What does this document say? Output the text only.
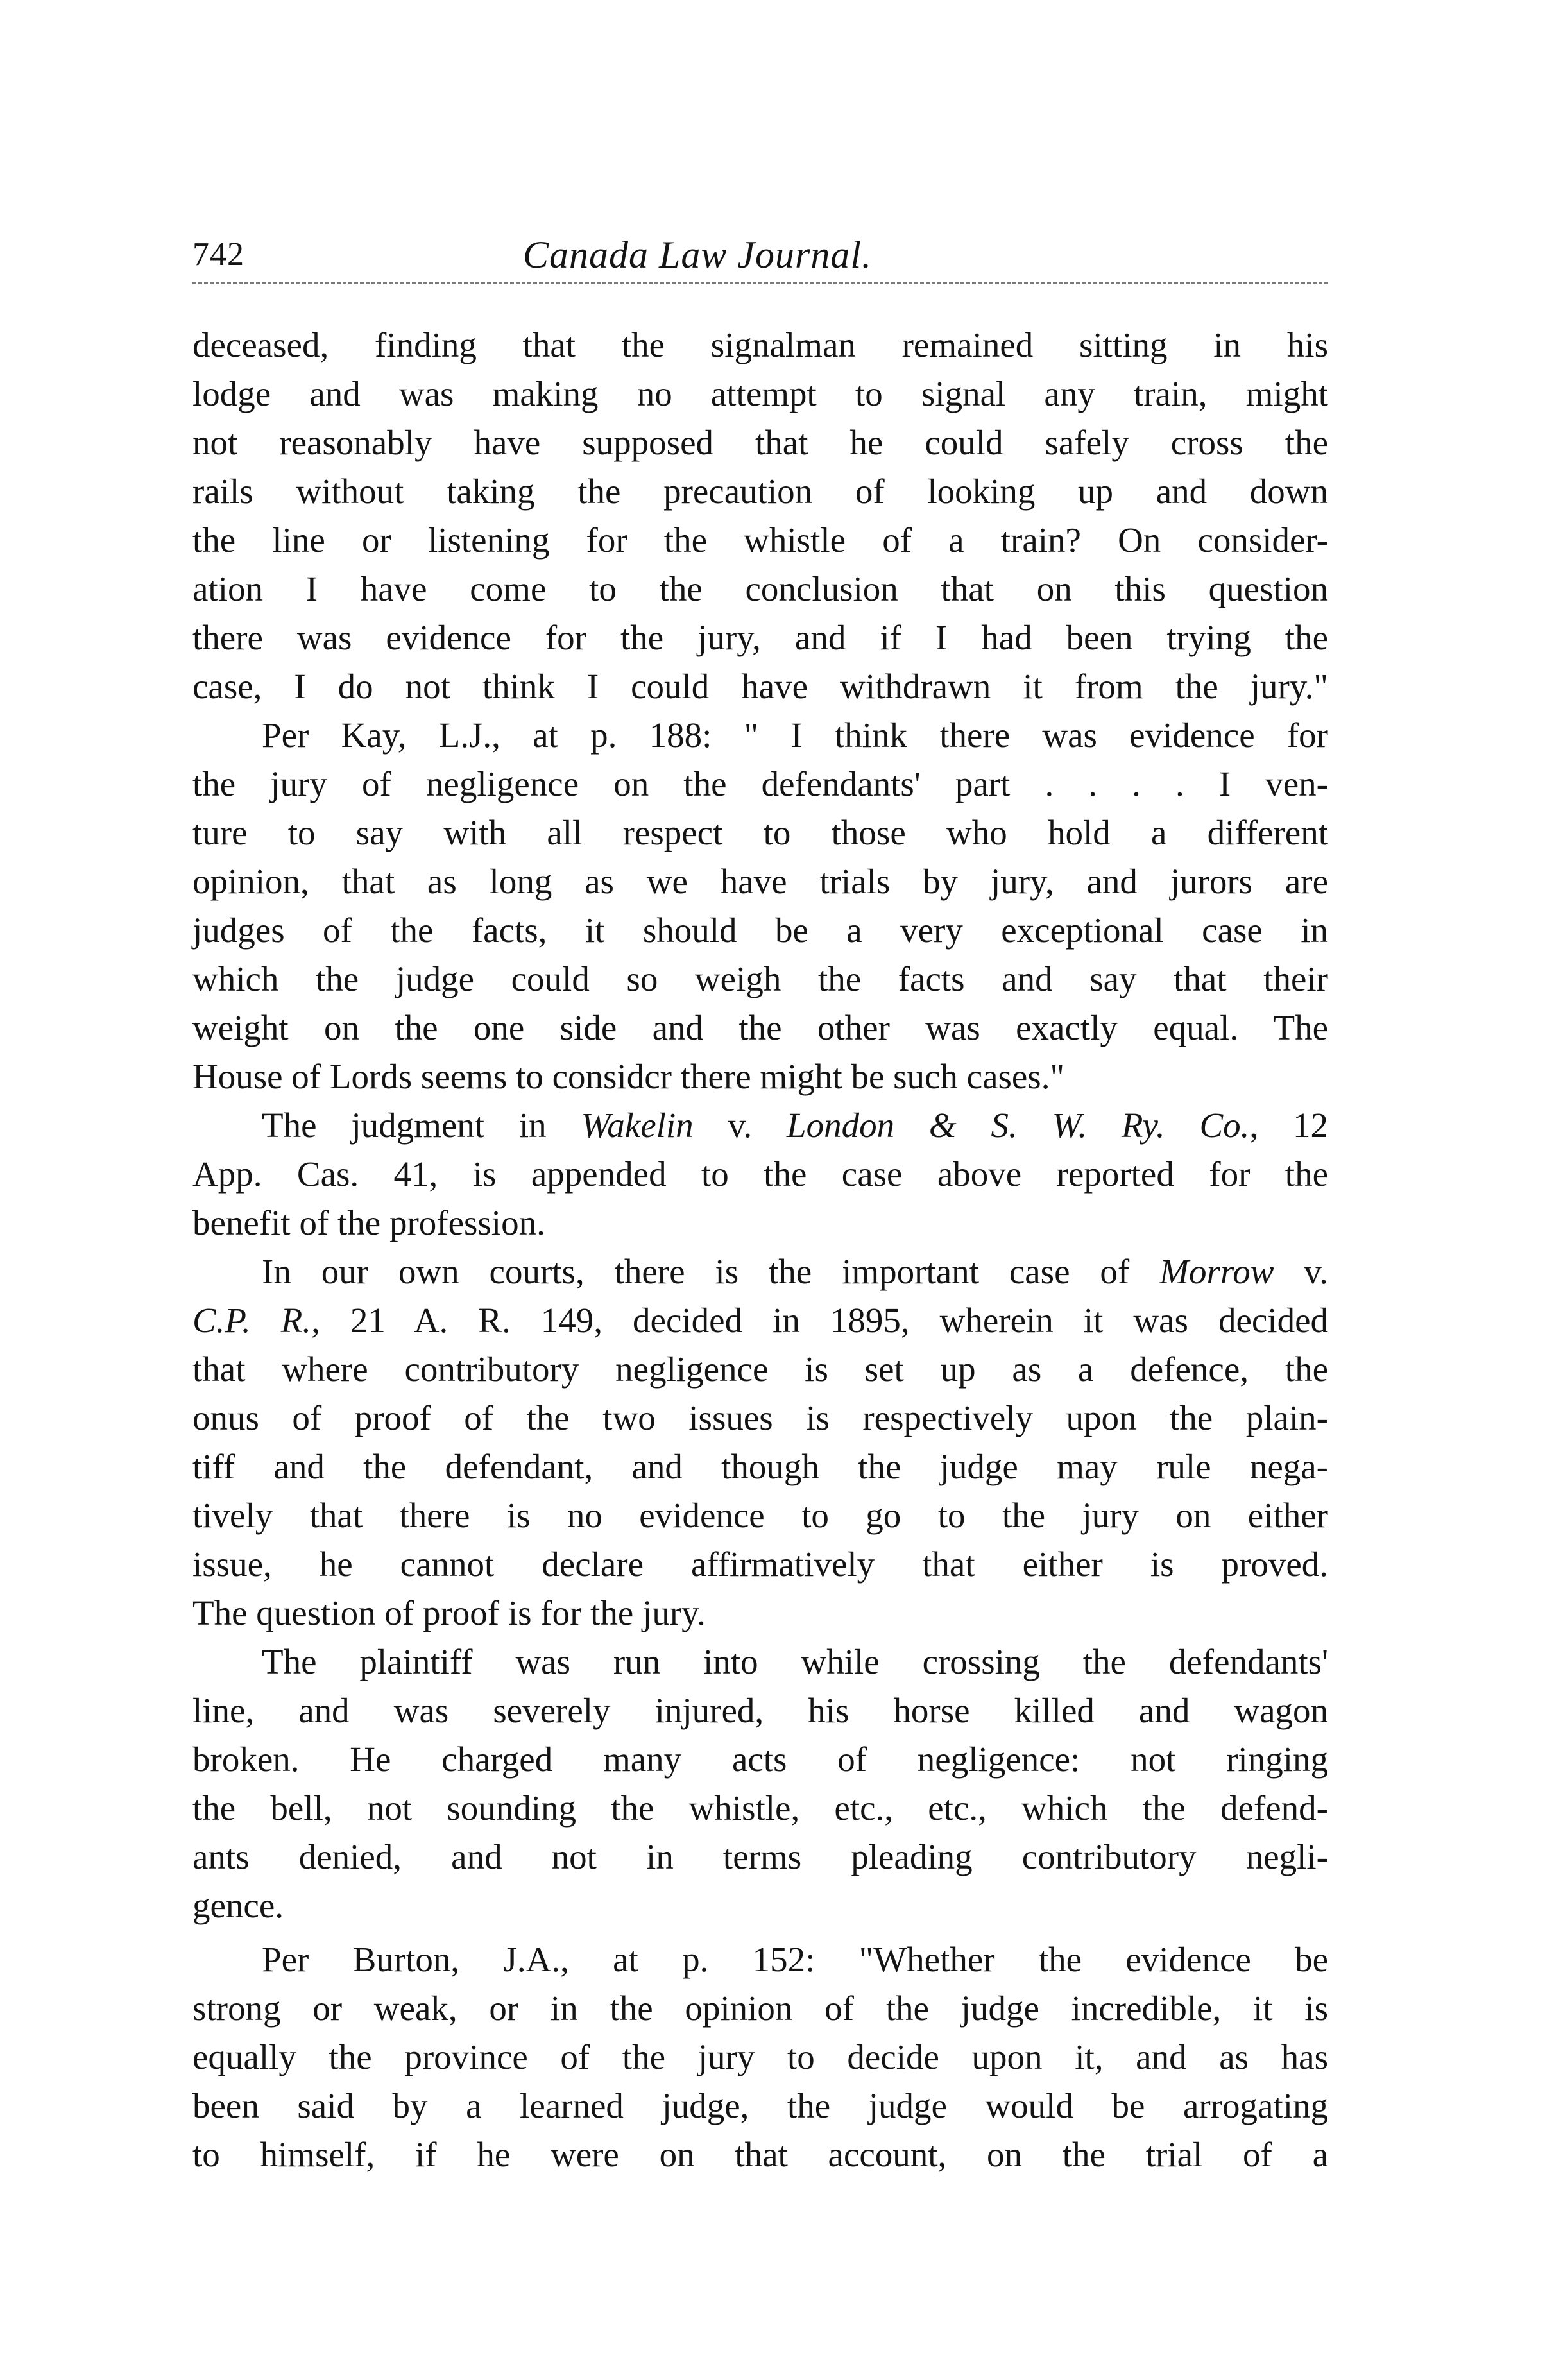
742	Canada Law Journal.
deceased, finding that the signalman remained sitting in his
lodge and was making no attempt to signal any train, might
not reasonably have supposed that he could safely cross the
rails without taking the precaution of looking up and down
the line or listening for the whistle of a train? On consider-
ation I have come to the conclusion that on this question
there was evidence for the jury, and if I had been trying the
case, I do not think I could have withdrawn it from the jury."
Per Kay, L.J., at p. 188: " I think there was evidence for
the jury of negligence on the defendants' part . . . . I ven-
ture to say with all respect to those who hold a different
opinion, that as long as we have trials by jury, and jurors are
judges of the facts, it should be a very exceptional case in
which the judge could so weigh the facts and say that their
weight on the one side and the other was exactly equal. The
House of Lords seems to considcr there might be such cases."
The judgment in Wakelin v. London & S. W. Ry. Co., 12
App. Cas. 41, is appended to the case above reported for the
benefit of the profession.
In our own courts, there is the important case of Morrow v.
C.P. R., 21 A. R. 149, decided in 1895, wherein it was decided
that where contributory negligence is set up as a defence, the
onus of proof of the two issues is respectively upon the plain-
tiff and the defendant, and though the judge may rule nega-
tively that there is no evidence to go to the jury on either
issue, he cannot declare affirmatively that either is proved.
The question of proof is for the jury.
The plaintiff was run into while crossing the defendants'
line, and was severely injured, his horse killed and wagon
broken. He charged many acts of negligence: not ringing
the bell, not sounding the whistle, etc., etc., which the defend-
ants denied, and not in terms pleading contributory negli-
gence.
Per Burton, J.A., at p. 152: "Whether the evidence be
strong or weak, or in the opinion of the judge incredible, it is
equally the province of the jury to decide upon it, and as has
been said by a learned judge, the judge would be arrogating
to himself, if he were on that account, on the trial of a
